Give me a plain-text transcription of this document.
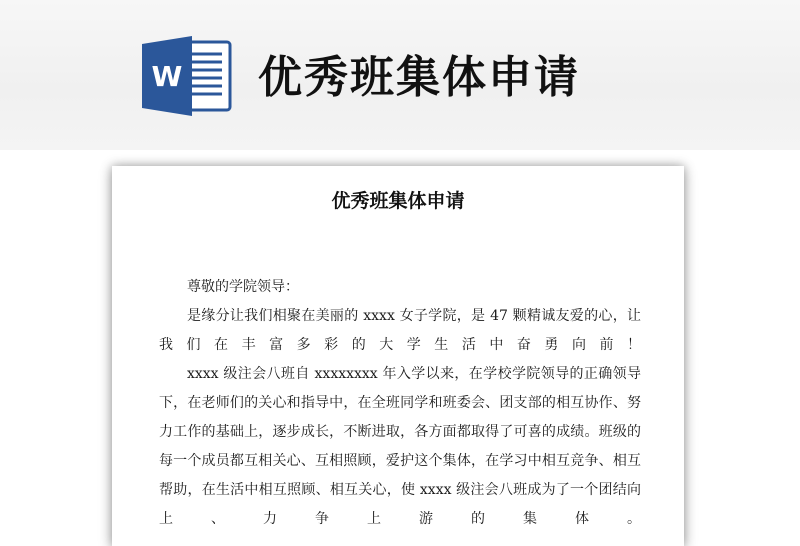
W 优秀班集体申请
优秀班集体申请

尊敬的学院领导：

是缘分让我们相聚在美丽的 xxxx 女子学院，是 47 颗精诚友爱的心，让我们在丰富多彩的大学生活中奋勇向前！

xxxx 级注会八班自 xxxxxxxx 年入学以来，在学校学院领导的正确领导下，在老师们的关心和指导中，在全班同学和班委会、团支部的相互协作、努力工作的基础上，逐步成长，不断进取，各方面都取得了可喜的成绩。班级的每一个成员都互相关心、互相照顾，爱护这个集体，在学习中相互竞争、相互帮助，在生活中相互照顾、相互关心，使 xxxx 级注会八班成为了一个团结向上、力争上游的集体。
